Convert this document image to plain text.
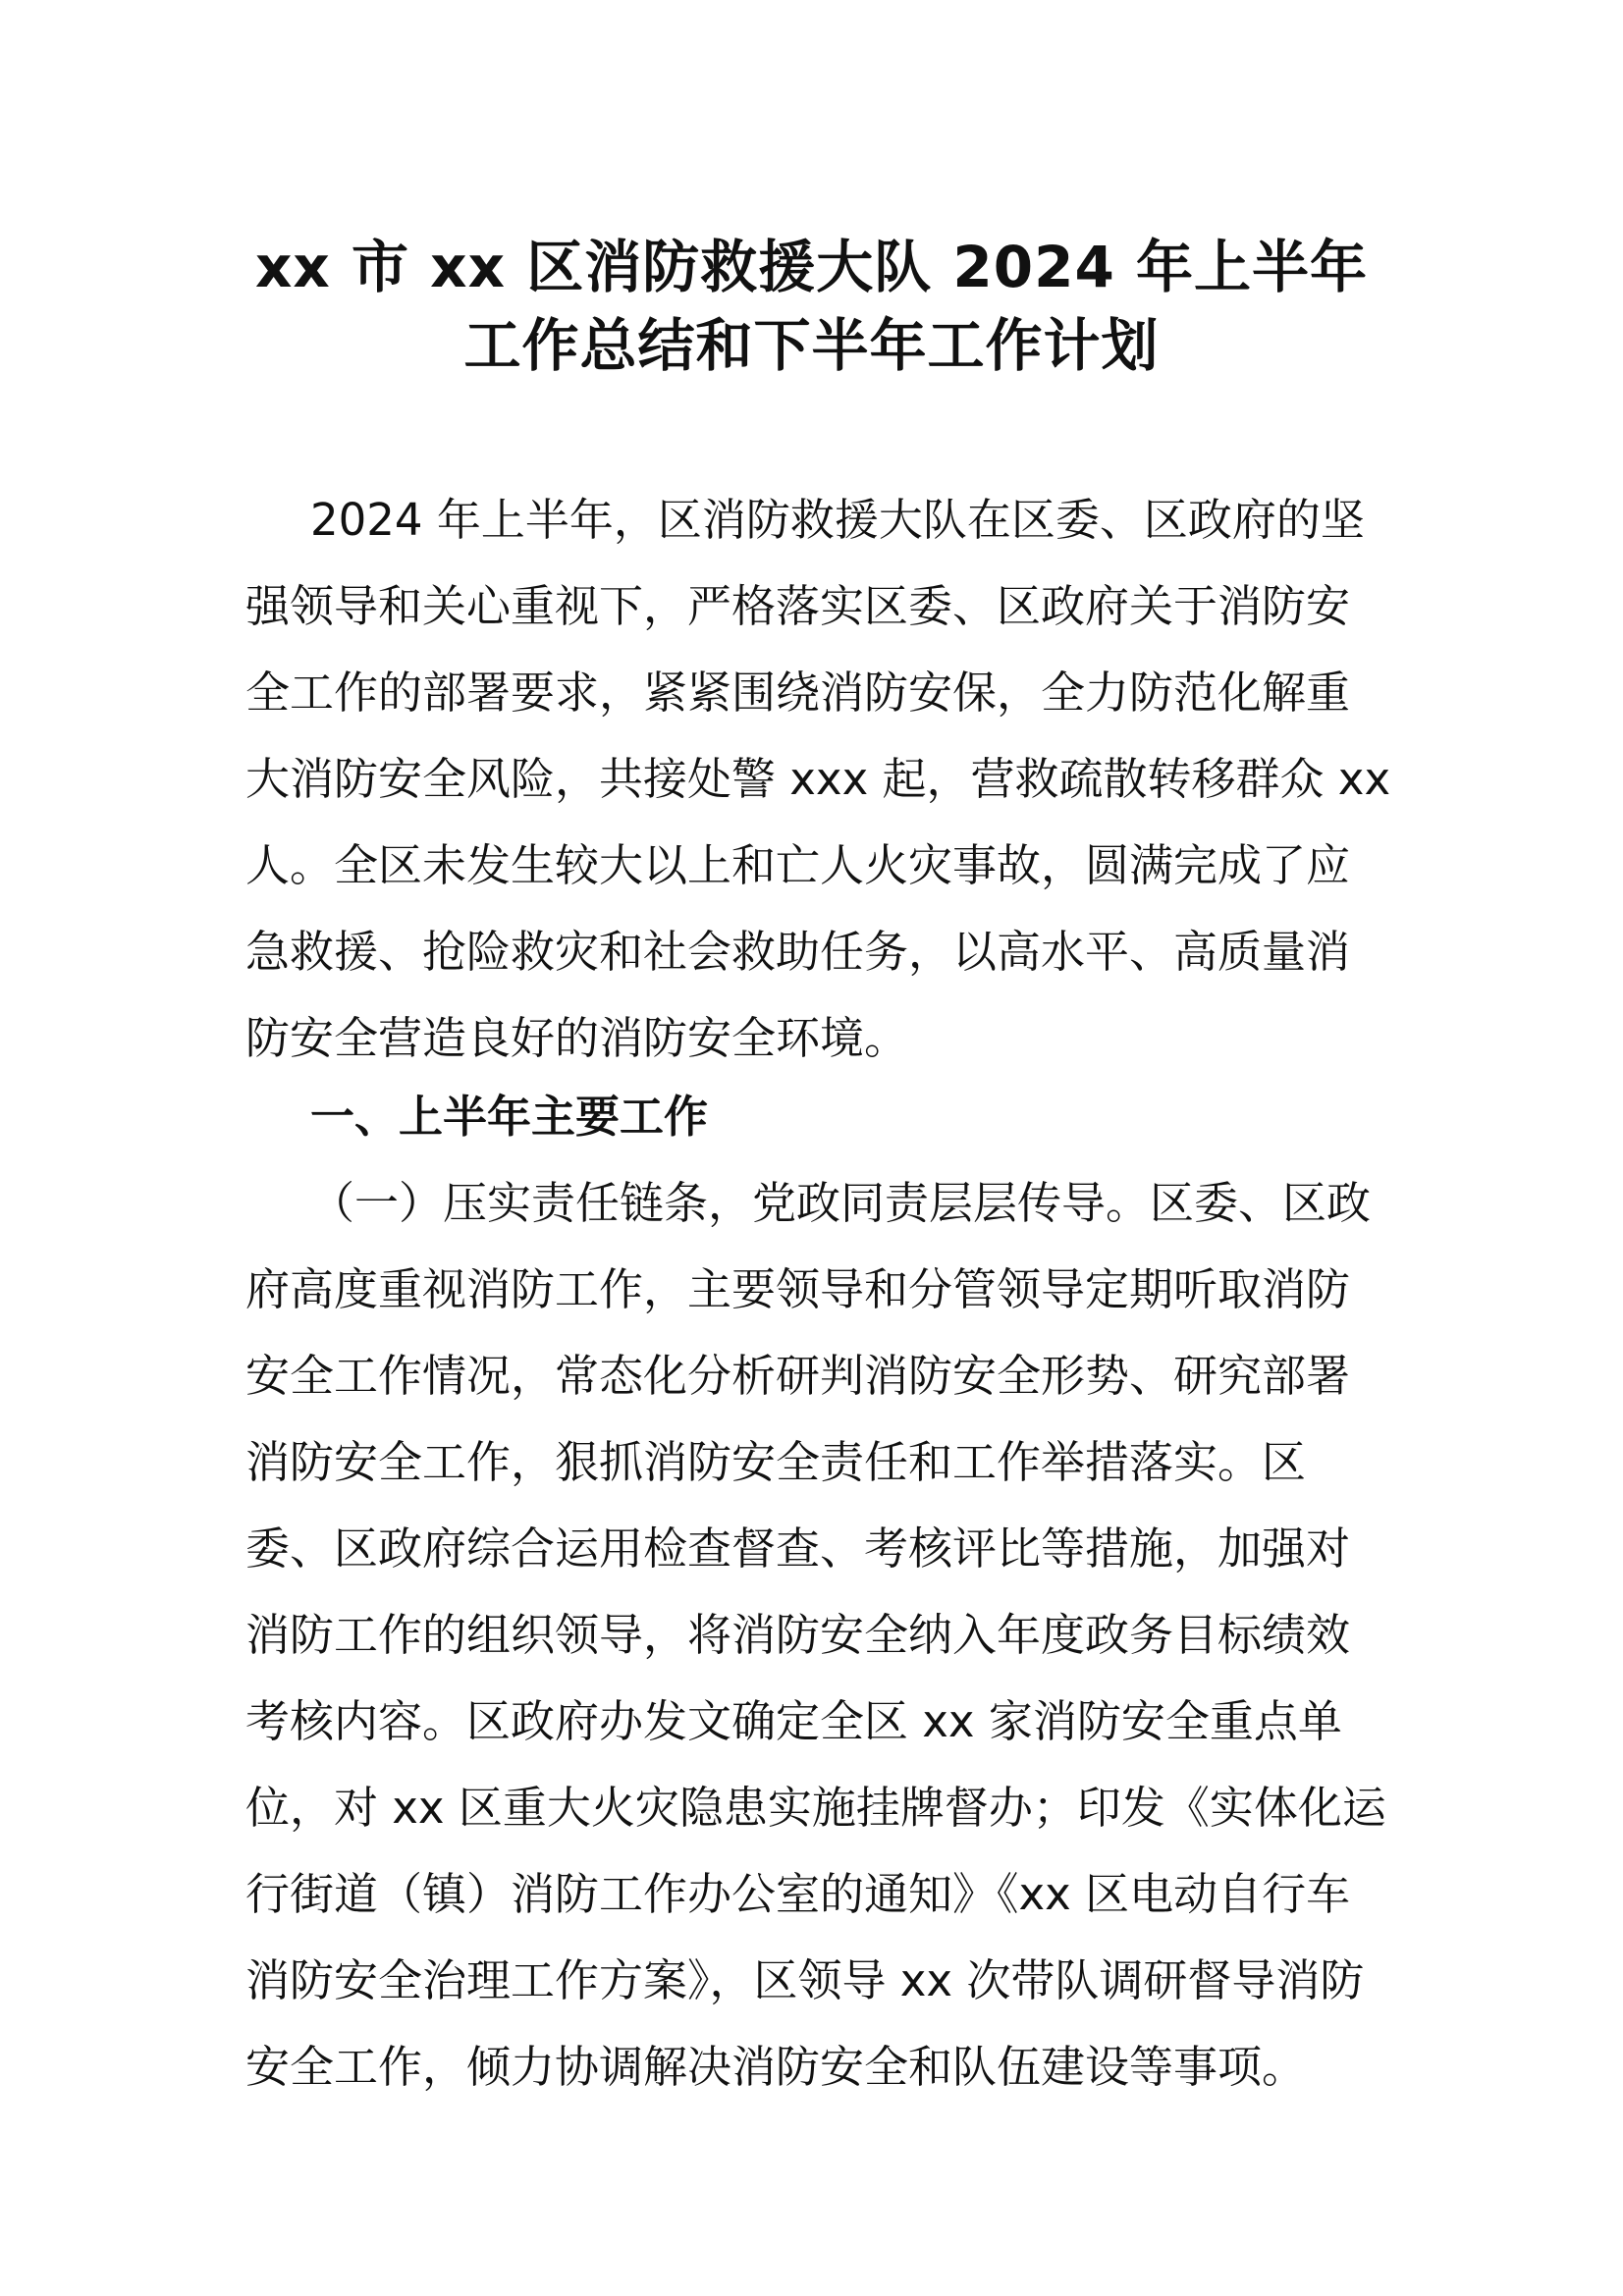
xx 市 xx 区消防救援大队 2024 年上半年
工作总结和下半年工作计划
2024 年上半年，区消防救援大队在区委、区政府的坚
强领导和关心重视下，严格落实区委、区政府关于消防安
全工作的部署要求，紧紧围绕消防安保，全力防范化解重
大消防安全风险，共接处警 xxx 起，营救疏散转移群众 xx
人。全区未发生较大以上和亡人火灾事故，圆满完成了应
急救援、抢险救灾和社会救助任务，以高水平、高质量消
防安全营造良好的消防安全环境。
一、上半年主要工作
（一）压实责任链条，党政同责层层传导。区委、区政
府高度重视消防工作，主要领导和分管领导定期听取消防
安全工作情况，常态化分析研判消防安全形势、研究部署
消防安全工作，狠抓消防安全责任和工作举措落实。区
委、区政府综合运用检查督查、考核评比等措施，加强对
消防工作的组织领导，将消防安全纳入年度政务目标绩效
考核内容。区政府办发文确定全区 xx 家消防安全重点单
位，对 xx 区重大火灾隐患实施挂牌督办；印发《实体化运
行街道（镇）消防工作办公室的通知》《xx 区电动自行车
消防安全治理工作方案》，区领导 xx 次带队调研督导消防
安全工作，倾力协调解决消防安全和队伍建设等事项。
